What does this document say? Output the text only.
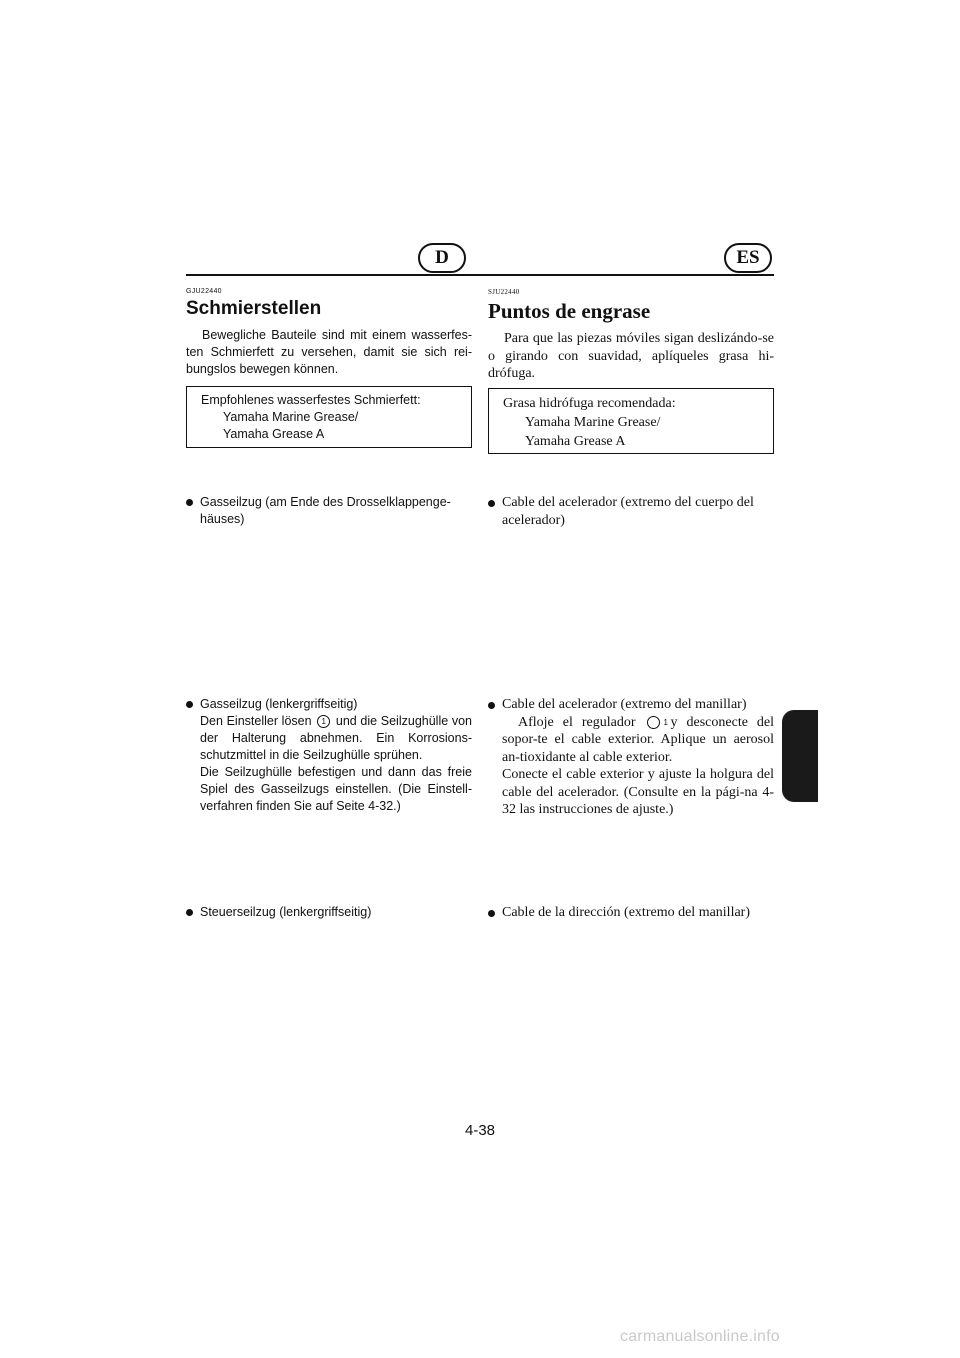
D	ES
GJU22440
Schmierstellen

Bewegliche Bauteile sind mit einem wasserfes-ten Schmierfett zu versehen, damit sie sich rei-bungslos bewegen können.

SJU22440
Puntos de engrase

Para que las piezas móviles sigan deslizándo-se o girando con suavidad, aplíqueles grasa hi-drófuga.

Empfohlenes wasserfestes Schmierfett:
Yamaha Marine Grease/
Yamaha Grease A
Grasa hidrófuga recomendada:
Yamaha Marine Grease/
Yamaha Grease A
Gasseilzug (am Ende des Drosselklappenge-häuses)
Cable del acelerador (extremo del cuerpo del acelerador)
Gasseilzug (lenkergriffseitig)
Den Einsteller lösen 1 und die Seilzughülle von der Halterung abnehmen. Ein Korrosions-schutzmittel in die Seilzughülle sprühen.
Die Seilzughülle befestigen und dann das freie Spiel des Gasseilzugs einstellen. (Die Einstell-verfahren finden Sie auf Seite 4-32.)
Cable del acelerador (extremo del manillar)
Afloje el regulador	1 y desconecte del sopor-te el cable exterior. Aplique un aerosol an-tioxidante al cable exterior.
Conecte el cable exterior y ajuste la holgura del cable del acelerador. (Consulte en la pági-na 4-32 las instrucciones de ajuste.)
Steuerseilzug (lenkergriffseitig)	Cable de la dirección (extremo del manillar)
4-38
carmanualsonline.info
